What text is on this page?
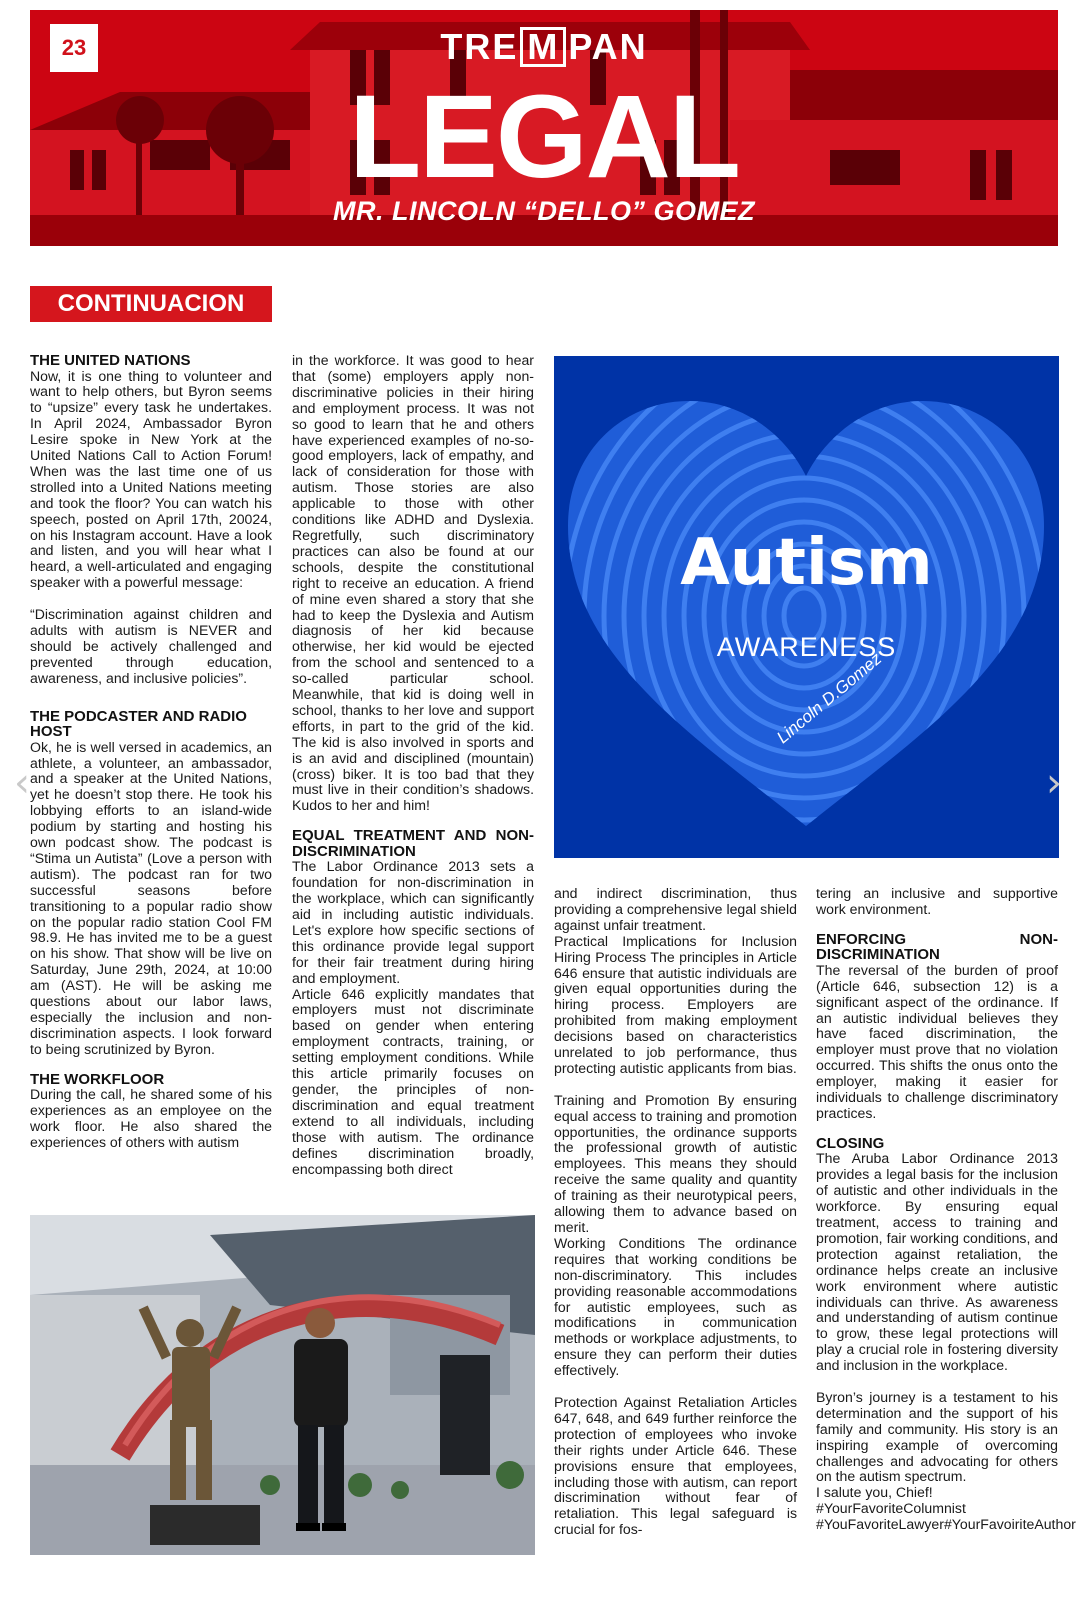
23	TRE M PAN
LEGAL
MR. LINCOLN “DELLO” GOMEZ
CONTINUACION
THE UNITED NATIONS

Now, it is one thing to volunteer and want to help others, but Byron seems to “upsize” every task he undertakes. In April 2024, Ambassador Byron Lesire spoke in New York at the United Nations Call to Action Forum! When was the last time one of us strolled into a United Nations meeting and took the floor? You can watch his speech, posted on April 17th, 20024, on his Instagram account. Have a look and listen, and you will hear what I heard, a well-articulated and engaging speaker with a powerful message:

“Discrimination against children and adults with autism is NEVER and should be actively challenged and prevented through education, awareness, and inclusive policies”.

THE PODCASTER AND RADIO HOST

Ok, he is well versed in academics, an athlete, a volunteer, an ambassador, and a speaker at the United Nations, yet he doesn’t stop there. He took his lobbying efforts to an island-wide podium by starting and hosting his own podcast show. The podcast is “Stima un Autista” (Love a person with autism). The podcast ran for two successful seasons before transitioning to a popular radio show on the popular radio station Cool FM 98.9. He has invited me to be a guest on his show. That show will be live on Saturday, June 29th, 2024, at 10:00 am (AST). He will be asking me questions about our labor laws, especially the inclusion and non-discrimination aspects. I look forward to being scrutinized by Byron.

THE WORKFLOOR

During the call, he shared some of his experiences as an employee on the work floor. He also shared the experiences of others with autism

in the workforce. It was good to hear that (some) employers apply non-discriminative policies in their hiring and employment process. It was not so good to learn that he and others have experienced examples of no-so-good employers, lack of empathy, and lack of consideration for those with autism. Those stories are also applicable to those with other conditions like ADHD and Dyslexia. Regretfully, such discriminatory practices can also be found at our schools, despite the constitutional right to receive an education. A friend of mine even shared a story that she had to keep the Dyslexia and Autism diagnosis of her kid because otherwise, her kid would be ejected from the school and sentenced to a so-called particular school. Meanwhile, that kid is doing well in school, thanks to her love and support efforts, in part to the grid of the kid. The kid is also involved in sports and is an avid and disciplined (mountain) (cross) biker. It is too bad that they must live in their condition’s shadows. Kudos to her and him!

EQUAL TREATMENT AND NON-DISCRIMINATION

The Labor Ordinance 2013 sets a foundation for non-discrimination in the workplace, which can significantly aid in including autistic individuals. Let's explore how specific sections of this ordinance provide legal support for their fair treatment during hiring and employment.

Article 646 explicitly mandates that employers must not discriminate based on gender when entering employment contracts, training, or setting employment conditions. While this article primarily focuses on gender, the principles of non-discrimination and equal treatment extend to all individuals, including those with autism. The ordinance defines discrimination broadly, encompassing both direct

Autism
AWARENESS
Lincoln D.Gomez

and indirect discrimination, thus providing a comprehensive legal shield against unfair treatment.

Practical Implications for Inclusion Hiring Process The principles in Article 646 ensure that autistic individuals are given equal opportunities during the hiring process. Employers are prohibited from making employment decisions based on characteristics unrelated to job performance, thus protecting autistic applicants from bias.

Training and Promotion By ensuring equal access to training and promotion opportunities, the ordinance supports the professional growth of autistic employees. This means they should receive the same quality and quantity of training as their neurotypical peers, allowing them to advance based on merit.

Working Conditions The ordinance requires that working conditions be non-discriminatory. This includes providing reasonable accommodations for autistic employees, such as modifications in communication methods or workplace adjustments, to ensure they can perform their duties effectively.

Protection Against Retaliation Articles 647, 648, and 649 further reinforce the protection of employees who invoke their rights under Article 646. These provisions ensure that employees, including those with autism, can report discrimination without fear of retaliation. This legal safeguard is crucial for fos-

tering an inclusive and supportive work environment.

ENFORCING NON-DISCRIMINATION

The reversal of the burden of proof (Article 646, subsection 12) is a significant aspect of the ordinance. If an autistic individual believes they have faced discrimination, the employer must prove that no violation occurred. This shifts the onus onto the employer, making it easier for individuals to challenge discriminatory practices.

CLOSING

The Aruba Labor Ordinance 2013 provides a legal basis for the inclusion of autistic and other individuals in the workforce. By ensuring equal treatment, access to training and promotion, fair working conditions, and protection against retaliation, the ordinance helps create an inclusive work environment where autistic individuals can thrive. As awareness and understanding of autism continue to grow, these legal protections will play a crucial role in fostering diversity and inclusion in the workplace.

Byron’s journey is a testament to his determination and the support of his family and community. His story is an inspiring example of overcoming challenges and advocating for others on the autism spectrum.

I salute you, Chief!

#YourFavoriteColumnist #YouFavoriteLawyer#YourFavoiriteAuthor

‹	›
